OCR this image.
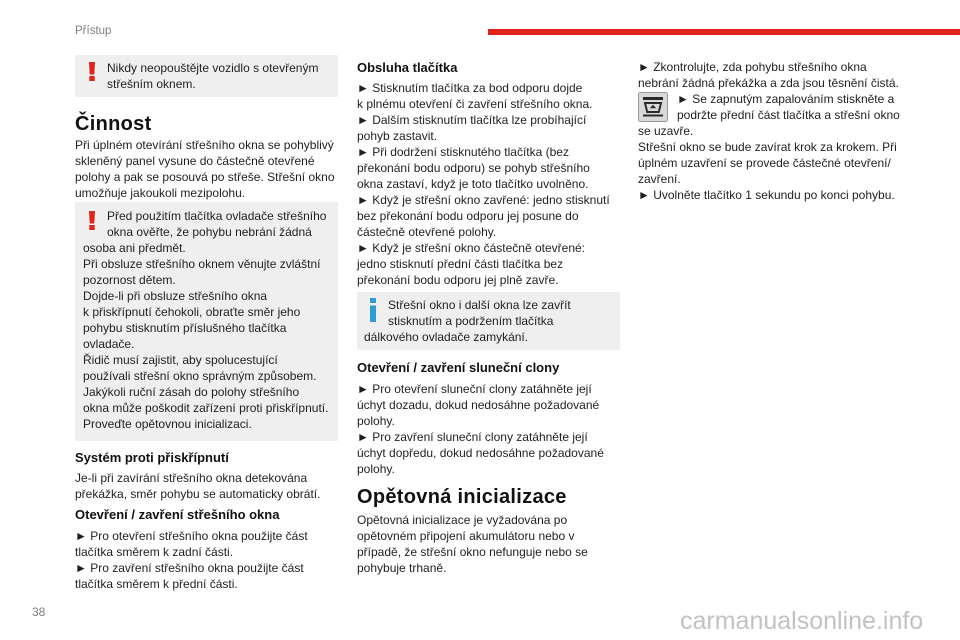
Přístup

Nikdy neopouštějte vozidlo s otevřeným
střešním oknem.

Činnost

Při úplném otevírání střešního okna se pohyblivý
skleněný panel vysune do částečně otevřené
polohy a pak se posouvá po střeše. Střešní okno
umožňuje jakoukoli mezipolohu.

Před použitím tlačítka ovladače střešního
okna ověřte, že pohybu nebrání žádná
osoba ani předmět.

Při obsluze střešního oknem věnujte zvláštní
pozornost dětem.

Dojde-li při obsluze střešního okna
k přiskřípnutí čehokoli, obraťte směr jeho
pohybu stisknutím příslušného tlačítka
ovladače.

Řidič musí zajistit, aby spolucestující
používali střešní okno správným způsobem.

Jakýkoli ruční zásah do polohy střešního
okna může poškodit zařízení proti přiskřípnutí.

Proveďte opětovnou inicializaci.

Systém proti přiskřípnutí

Je-li při zavírání střešního okna detekována
překážka, směr pohybu se automaticky obrátí.

Otevření / zavření střešního okna

► Pro otevření střešního okna použijte část
tlačítka směrem k zadní části.

► Pro zavření střešního okna použijte část
tlačítka směrem k přední části.

Obsluha tlačítka

► Stisknutím tlačítka za bod odporu dojde
k plnému otevření či zavření střešního okna.

► Dalším stisknutím tlačítka lze probíhající
pohyb zastavit.

► Při dodržení stisknutého tlačítka (bez
překonání bodu odporu) se pohyb střešního
okna zastaví, když je toto tlačítko uvolněno.

► Když je střešní okno zavřené: jedno stisknutí
bez překonání bodu odporu jej posune do
částečně otevřené polohy.

► Když je střešní okno částečně otevřené:
jedno stisknutí přední části tlačítka bez
překonání bodu odporu jej plně zavře.

Střešní okno i další okna lze zavřít
stisknutím a podržením tlačítka
dálkového ovladače zamykání.

Otevření / zavření sluneční clony

► Pro otevření sluneční clony zatáhněte její
úchyt dozadu, dokud nedosáhne požadované
polohy.

► Pro zavření sluneční clony zatáhněte její
úchyt dopředu, dokud nedosáhne požadované
polohy.

Opětovná inicializace

Opětovná inicializace je vyžadována po
opětovném připojení akumulátoru nebo v
případě, že střešní okno nefunguje nebo se
pohybuje trhaně.

► Zkontrolujte, zda pohybu střešního okna
nebrání žádná překážka a zda jsou těsnění čistá.

► Se zapnutým zapalováním stiskněte a
podržte přední část tlačítka a střešní okno
se uzavře.

Střešní okno se bude zavírat krok za krokem. Při
úplném uzavření se provede částečné otevření/
zavření.

► Uvolněte tlačítko 1 sekundu po konci pohybu.

38	carmanualsonline.info
